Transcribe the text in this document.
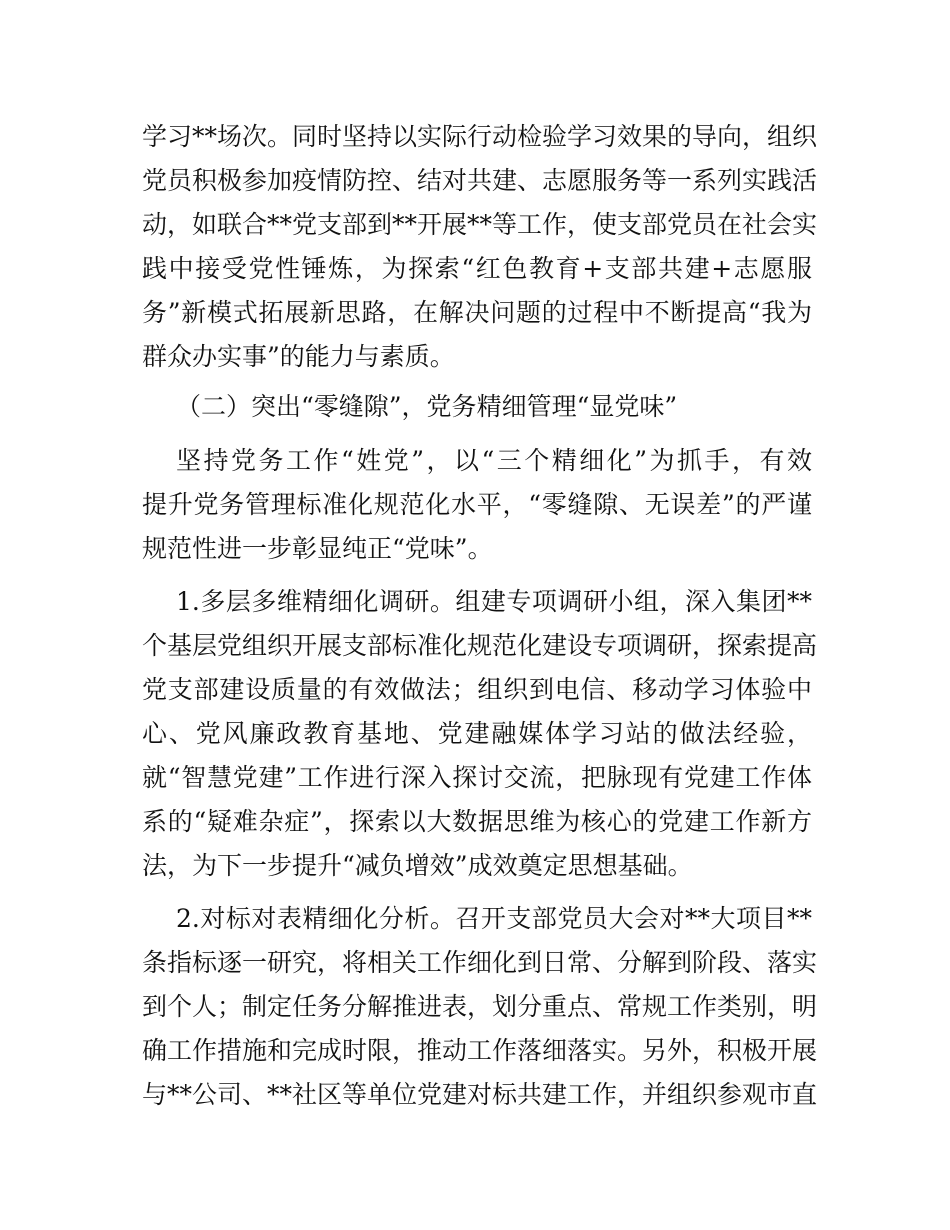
学习**场次。同时坚持以实际行动检验学习效果的导向，组织
党员积极参加疫情防控、结对共建、志愿服务等一系列实践活
动，如联合**党支部到**开展**等工作，使支部党员在社会实
践中接受党性锤炼，为探索“红色教育+支部共建+志愿服
务”新模式拓展新思路，在解决问题的过程中不断提高“我为
群众办实事”的能力与素质。
（二）突出“零缝隙”，党务精细管理“显党味”
坚持党务工作“姓党”，以“三个精细化”为抓手，有效
提升党务管理标准化规范化水平，“零缝隙、无误差”的严谨
规范性进一步彰显纯正“党味”。
1.多层多维精细化调研。组建专项调研小组，深入集团**
个基层党组织开展支部标准化规范化建设专项调研，探索提高
党支部建设质量的有效做法；组织到电信、移动学习体验中
心、党风廉政教育基地、党建融媒体学习站的做法经验，
就“智慧党建”工作进行深入探讨交流，把脉现有党建工作体
系的“疑难杂症”，探索以大数据思维为核心的党建工作新方
法，为下一步提升“减负增效”成效奠定思想基础。
2.对标对表精细化分析。召开支部党员大会对**大项目**
条指标逐一研究，将相关工作细化到日常、分解到阶段、落实
到个人；制定任务分解推进表，划分重点、常规工作类别，明
确工作措施和完成时限，推动工作落细落实。另外，积极开展
与**公司、**社区等单位党建对标共建工作，并组织参观市直
